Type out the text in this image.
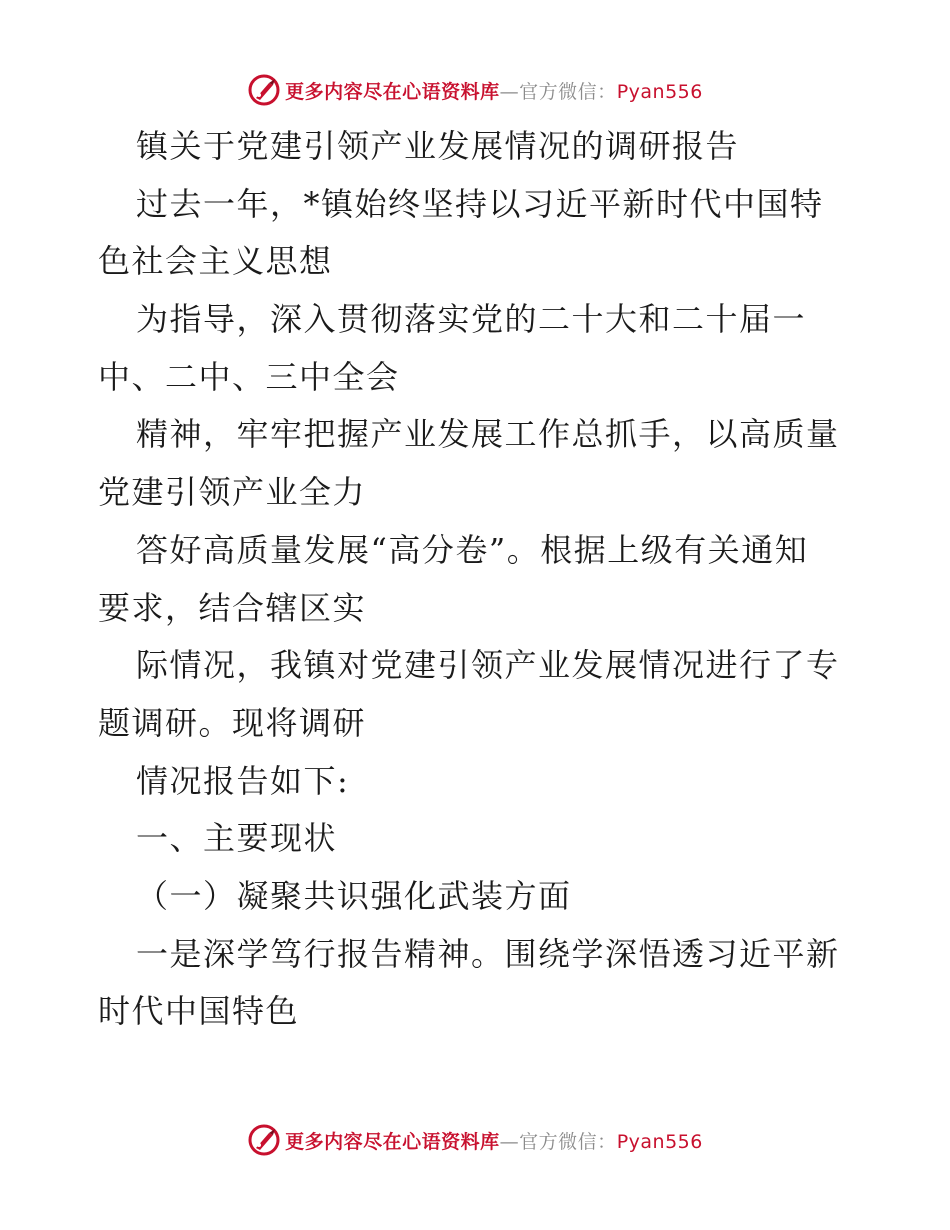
更多内容尽在心语资料库—官方微信：Pyan556
镇关于党建引领产业发展情况的调研报告
过去一年，*镇始终坚持以习近平新时代中国特
色社会主义思想
为指导，深入贯彻落实党的二十大和二十届一
中、二中、三中全会
精神，牢牢把握产业发展工作总抓手，以高质量
党建引领产业全力
答好高质量发展“高分卷”。根据上级有关通知
要求，结合辖区实
际情况，我镇对党建引领产业发展情况进行了专
题调研。现将调研
情况报告如下:
一、主要现状
（一）凝聚共识强化武装方面
一是深学笃行报告精神。围绕学深悟透习近平新
时代中国特色
更多内容尽在心语资料库—官方微信：Pyan556
